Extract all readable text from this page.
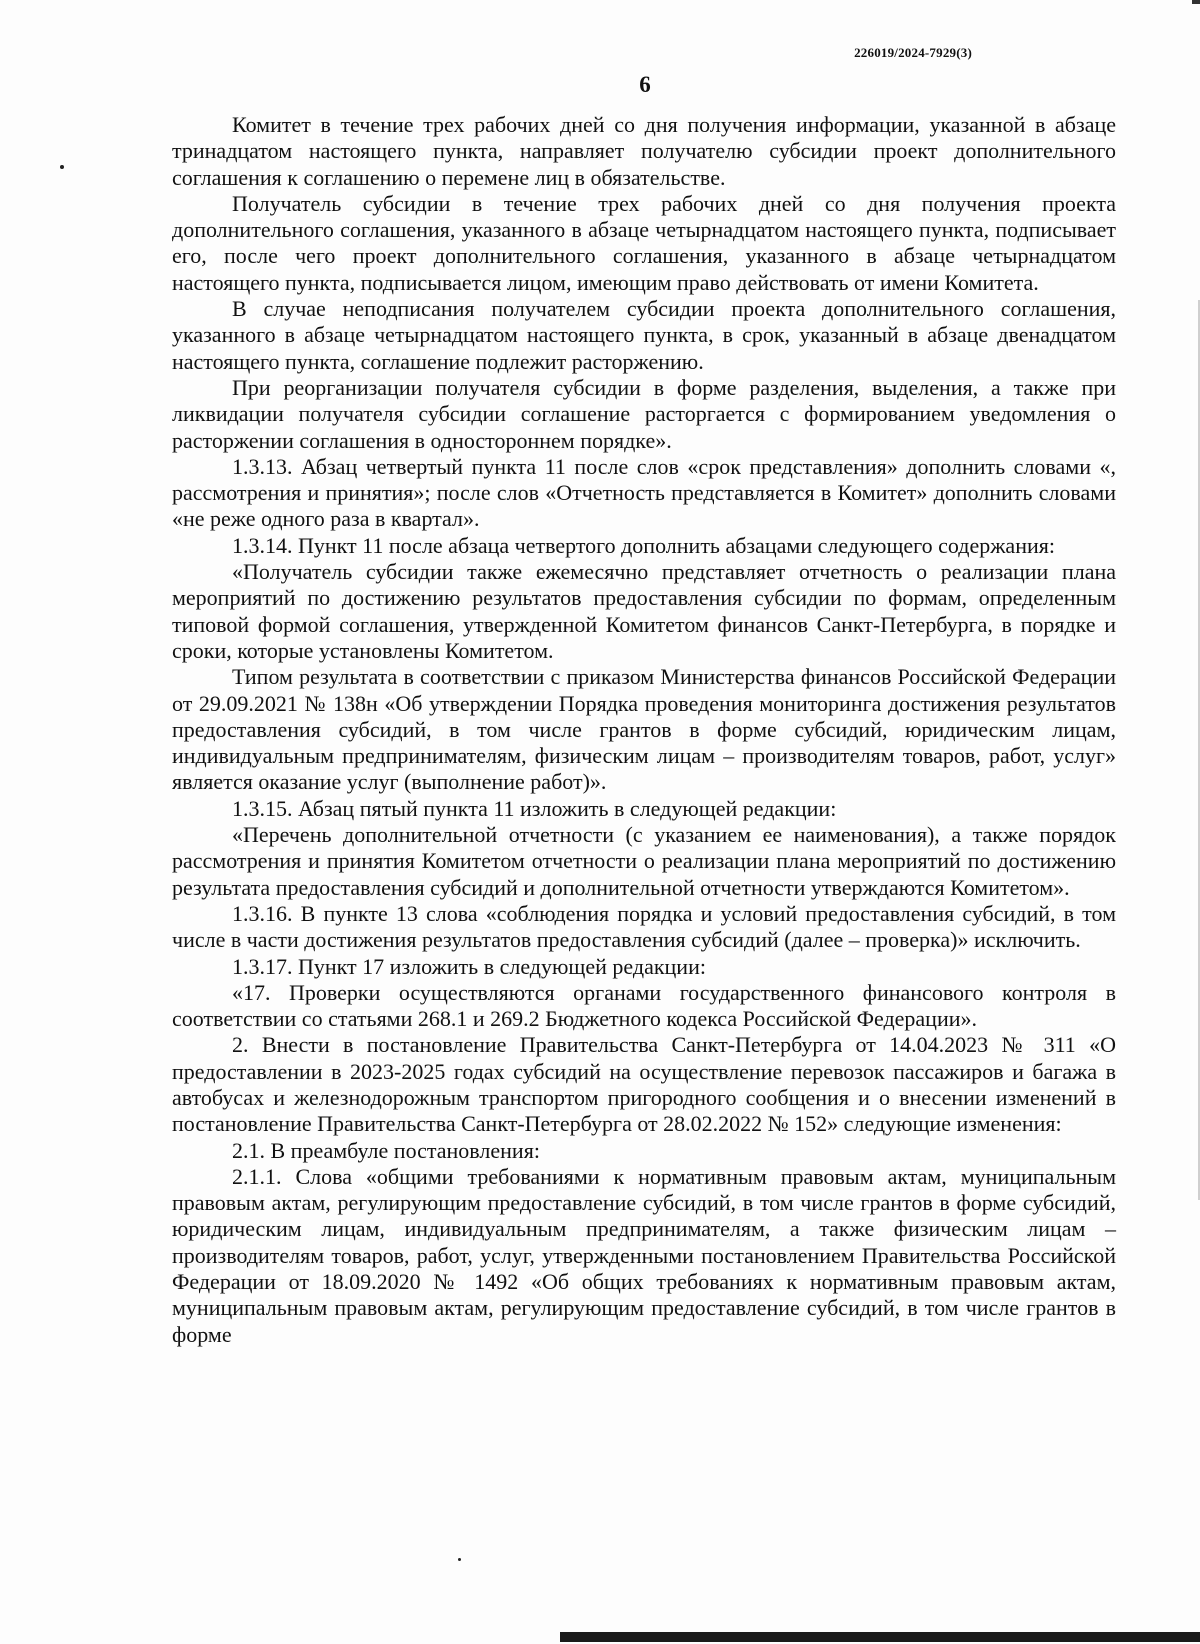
226019/2024-7929(3)
6

Комитет в течение трех рабочих дней со дня получения информации, указанной в абзаце тринадцатом настоящего пункта, направляет получателю субсидии проект дополнительного соглашения к соглашению о перемене лиц в обязательстве.

Получатель субсидии в течение трех рабочих дней со дня получения проекта дополнительного соглашения, указанного в абзаце четырнадцатом настоящего пункта, подписывает его, после чего проект дополнительного соглашения, указанного в абзаце четырнадцатом настоящего пункта, подписывается лицом, имеющим право действовать от имени Комитета.

В случае неподписания получателем субсидии проекта дополнительного соглашения, указанного в абзаце четырнадцатом настоящего пункта, в срок, указанный в абзаце двенадцатом настоящего пункта, соглашение подлежит расторжению.

При реорганизации получателя субсидии в форме разделения, выделения, а также при ликвидации получателя субсидии соглашение расторгается с формированием уведомления о расторжении соглашения в одностороннем порядке».

1.3.13. Абзац четвертый пункта 11 после слов «срок представления» дополнить словами «, рассмотрения и принятия»; после слов «Отчетность представляется в Комитет» дополнить словами «не реже одного раза в квартал».

1.3.14. Пункт 11 после абзаца четвертого дополнить абзацами следующего содержания:

«Получатель субсидии также ежемесячно представляет отчетность о реализации плана мероприятий по достижению результатов предоставления субсидии по формам, определенным типовой формой соглашения, утвержденной Комитетом финансов Санкт-Петербурга, в порядке и сроки, которые установлены Комитетом.

Типом результата в соответствии с приказом Министерства финансов Российской Федерации от 29.09.2021 № 138н «Об утверждении Порядка проведения мониторинга достижения результатов предоставления субсидий, в том числе грантов в форме субсидий, юридическим лицам, индивидуальным предпринимателям, физическим лицам – производителям товаров, работ, услуг» является оказание услуг (выполнение работ)».

1.3.15. Абзац пятый пункта 11 изложить в следующей редакции:

«Перечень дополнительной отчетности (с указанием ее наименования), а также порядок рассмотрения и принятия Комитетом отчетности о реализации плана мероприятий по достижению результата предоставления субсидий и дополнительной отчетности утверждаются Комитетом».

1.3.16. В пункте 13 слова «соблюдения порядка и условий предоставления субсидий, в том числе в части достижения результатов предоставления субсидий (далее – проверка)» исключить.

1.3.17. Пункт 17 изложить в следующей редакции:

«17. Проверки осуществляются органами государственного финансового контроля в соответствии со статьями 268.1 и 269.2 Бюджетного кодекса Российской Федерации».

2. Внести в постановление Правительства Санкт-Петербурга от 14.04.2023 № 311 «О предоставлении в 2023-2025 годах субсидий на осуществление перевозок пассажиров и багажа в автобусах и железнодорожным транспортом пригородного сообщения и о внесении изменений в постановление Правительства Санкт-Петербурга от 28.02.2022 № 152» следующие изменения:

2.1. В преамбуле постановления:

2.1.1. Слова «общими требованиями к нормативным правовым актам, муниципальным правовым актам, регулирующим предоставление субсидий, в том числе грантов в форме субсидий, юридическим лицам, индивидуальным предпринимателям, а также физическим лицам – производителям товаров, работ, услуг, утвержденными постановлением Правительства Российской Федерации от 18.09.2020 № 1492 «Об общих требованиях к нормативным правовым актам, муниципальным правовым актам, регулирующим предоставление субсидий, в том числе грантов в форме
